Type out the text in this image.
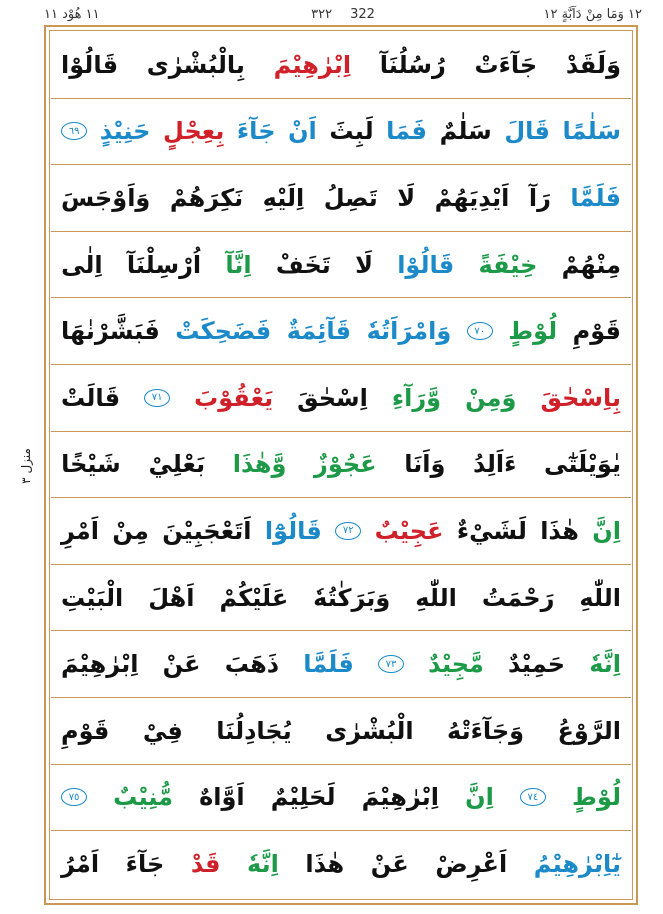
١١ هُوْد ١١	٣٢٢ 322	١٢ وَمَا مِنْ دَآبَّةٍ ١٢
منزل ٣
وَلَقَدْ
جَآءَتْ
رُسُلُنَآ
اِبْرٰهِيْمَ
بِالْبُشْرٰى
قَالُوْا
سَلٰمًا
قَالَ
سَلٰمٌ
فَمَا
لَبِثَ
اَنْ
جَآءَ
بِعِجْلٍ
حَنِيْذٍ
٦٩
فَلَمَّا
رَآ
اَيْدِيَهُمْ
لَا
تَصِلُ
اِلَيْهِ
نَكِرَهُمْ
وَاَوْجَسَ
مِنْهُمْ
خِيْفَةً
قَالُوْا
لَا
تَخَفْ
اِنَّآ
اُرْسِلْنَآ
اِلٰى
قَوْمِ
لُوْطٍ
٧٠
وَامْرَاَتُهٗ
قَآئِمَةٌ
فَضَحِكَتْ
فَبَشَّرْنٰهَا
بِاِسْحٰقَ
وَمِنْ
وَّرَآءِ
اِسْحٰقَ
يَعْقُوْبَ
٧١
قَالَتْ
يٰوَيْلَتٰٓى
ءَاَلِدُ
وَاَنَا
عَجُوْزٌ
وَّهٰذَا
بَعْلِيْ
شَيْخًا
اِنَّ
هٰذَا
لَشَيْءٌ
عَجِيْبٌ
٧٢
قَالُوْٓا
اَتَعْجَبِيْنَ
مِنْ
اَمْرِ
اللّٰهِ
رَحْمَتُ
اللّٰهِ
وَبَرَكٰتُهٗ
عَلَيْكُمْ
اَهْلَ
الْبَيْتِ
اِنَّهٗ
حَمِيْدٌ
مَّجِيْدٌ
٧٣
فَلَمَّا
ذَهَبَ
عَنْ
اِبْرٰهِيْمَ
الرَّوْعُ
وَجَآءَتْهُ
الْبُشْرٰى
يُجَادِلُنَا
فِيْ
قَوْمِ
لُوْطٍ
٧٤
اِنَّ
اِبْرٰهِيْمَ
لَحَلِيْمٌ
اَوَّاهٌ
مُّنِيْبٌ
٧٥
يٰٓاِبْرٰهِيْمُ
اَعْرِضْ
عَنْ
هٰذَا
اِنَّهٗ
قَدْ
جَآءَ
اَمْرُ
